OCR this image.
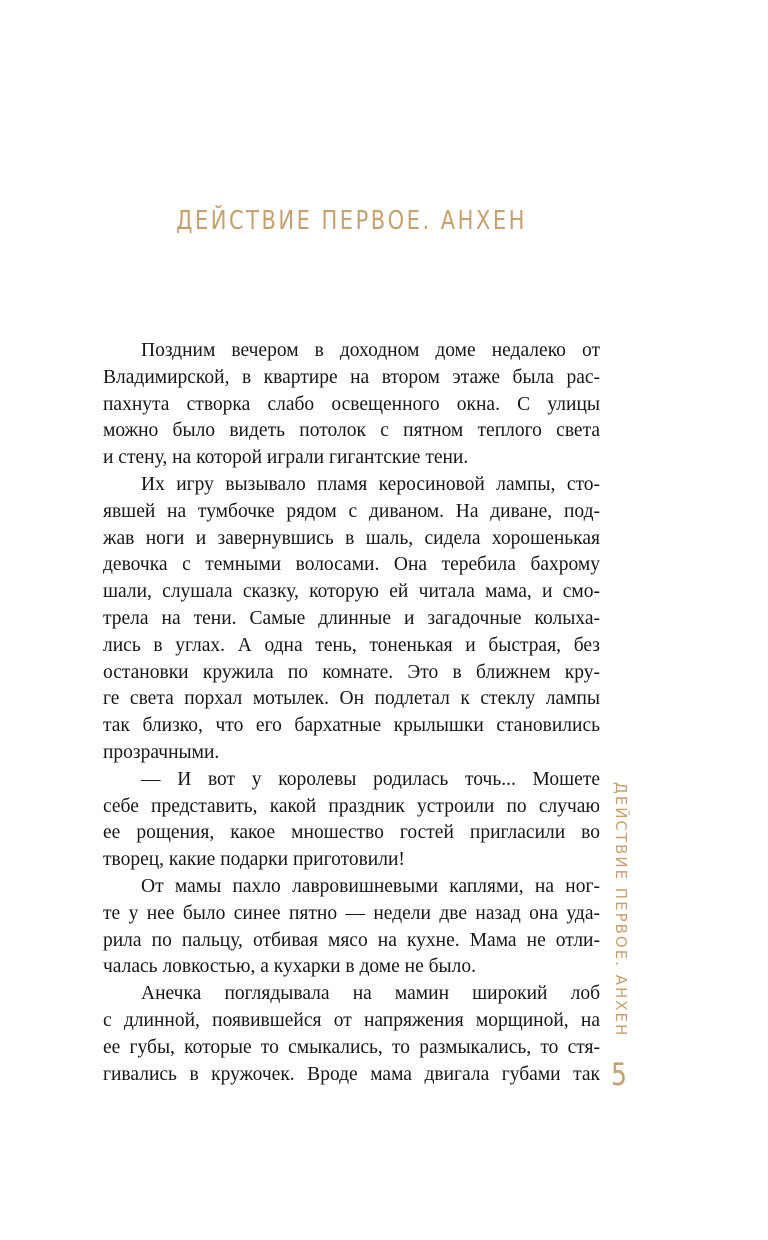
ДЕЙСТВИЕ ПЕРВОЕ. АНХЕН
Поздним вечером в доходном доме недалеко от
Владимирской, в квартире на втором этаже была рас-
пахнута створка слабо освещенного окна. С улицы
можно было видеть потолок с пятном теплого света
и стену, на которой играли гигантские тени.
Их игру вызывало пламя керосиновой лампы, сто-
явшей на тумбочке рядом с диваном. На диване, под-
жав ноги и завернувшись в шаль, сидела хорошенькая
девочка с темными волосами. Она теребила бахрому
шали, слушала сказку, которую ей читала мама, и смо-
трела на тени. Самые длинные и загадочные колыха-
лись в углах. А одна тень, тоненькая и быстрая, без
остановки кружила по комнате. Это в ближнем кру-
ге света порхал мотылек. Он подлетал к стеклу лампы
так близко, что его бархатные крылышки становились
прозрачными.
— И вот у королевы родилась точь... Мошете
себе представить, какой праздник устроили по случаю
ее рощения, какое мношество гостей пригласили во
творец, какие подарки приготовили!
От мамы пахло лавровишневыми каплями, на ног-
те у нее было синее пятно — недели две назад она уда-
рила по пальцу, отбивая мясо на кухне. Мама не отли-
чалась ловкостью, а кухарки в доме не было.
Анечка поглядывала на мамин широкий лоб
с длинной, появившейся от напряжения морщиной, на
ее губы, которые то смыкались, то размыкались, то стя-
гивались в кружочек. Вроде мама двигала губами так
ДЕЙСТВИЕ ПЕРВОЕ. АНХЕН
5
